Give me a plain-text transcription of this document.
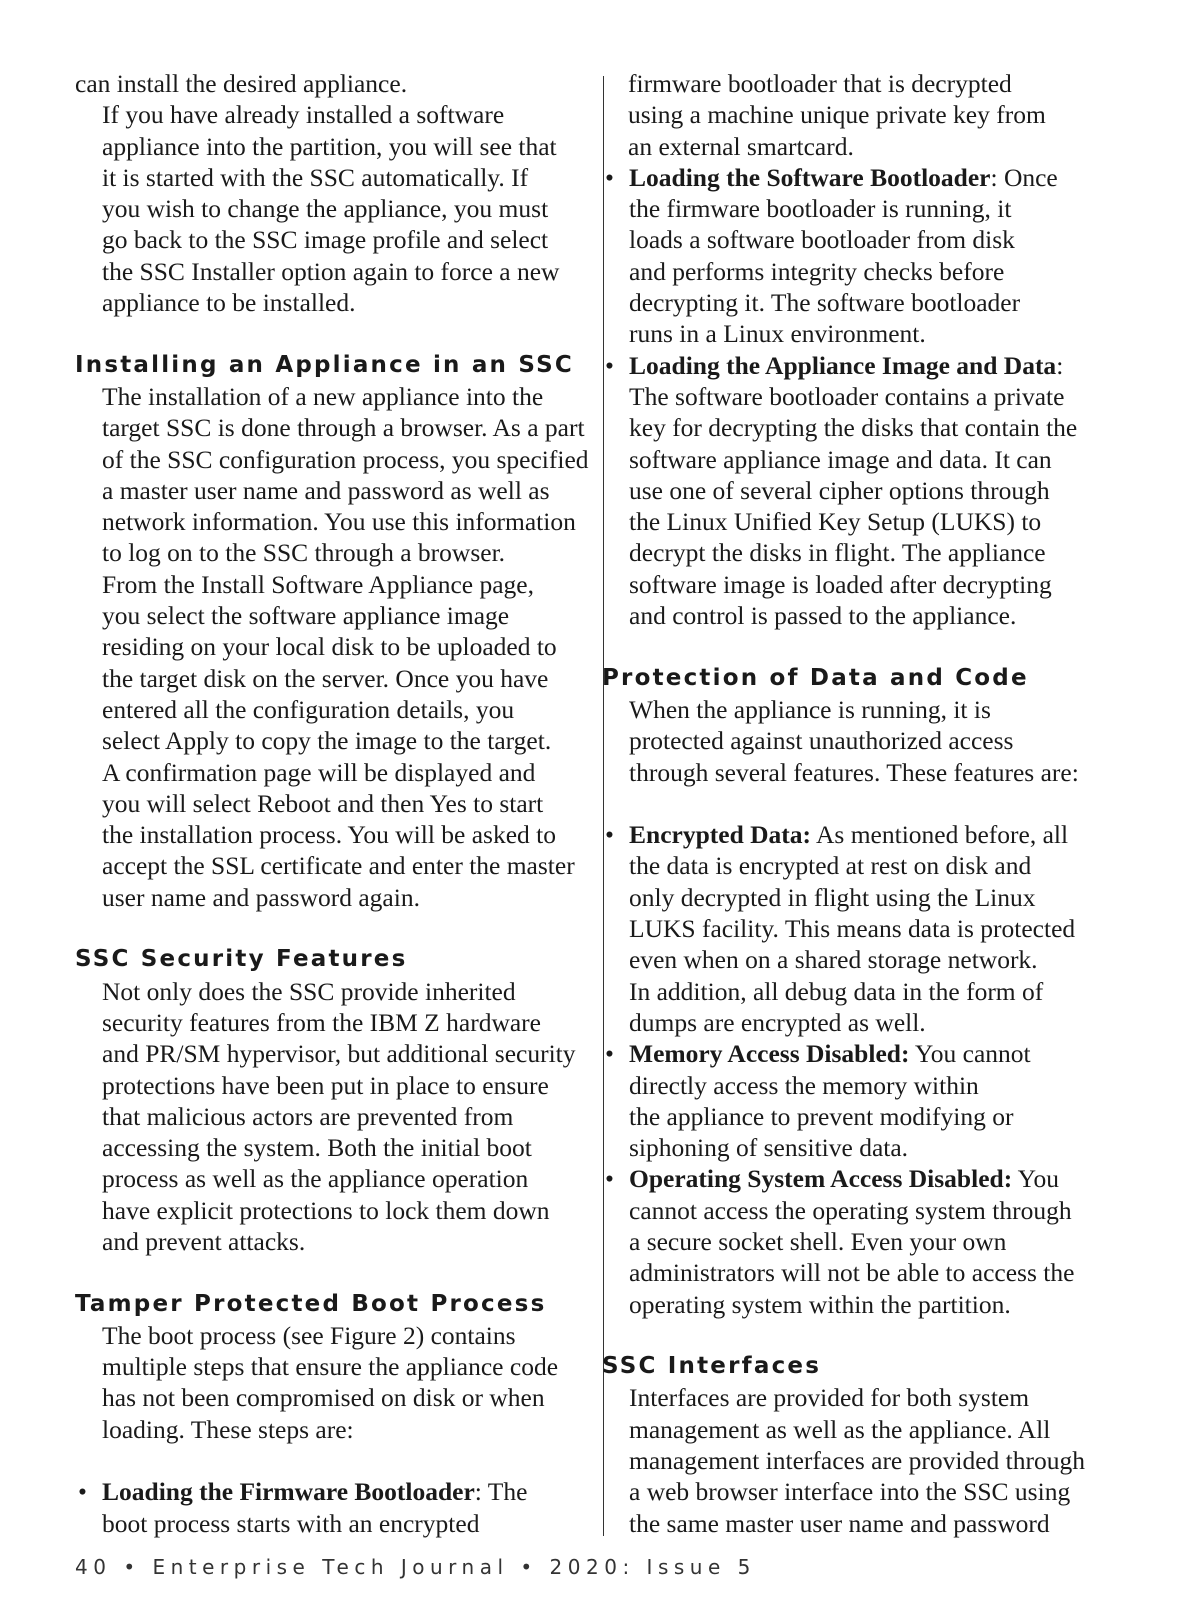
can install the desired appliance.

If you have already installed a software
appliance into the partition, you will see that
it is started with the SSC automatically. If
you wish to change the appliance, you must
go back to the SSC image profile and select
the SSC Installer option again to force a new
appliance to be installed.

Installing an Appliance in an SSC

The installation of a new appliance into the
target SSC is done through a browser. As a part
of the SSC configuration process, you specified
a master user name and password as well as
network information. You use this information
to log on to the SSC through a browser.

From the Install Software Appliance page,
you select the software appliance image
residing on your local disk to be uploaded to
the target disk on the server. Once you have
entered all the configuration details, you
select Apply to copy the image to the target.
A confirmation page will be displayed and
you will select Reboot and then Yes to start
the installation process. You will be asked to
accept the SSL certificate and enter the master
user name and password again.

SSC Security Features

Not only does the SSC provide inherited
security features from the IBM Z hardware
and PR/SM hypervisor, but additional security
protections have been put in place to ensure
that malicious actors are prevented from
accessing the system. Both the initial boot
process as well as the appliance operation
have explicit protections to lock them down
and prevent attacks.

Tamper Protected Boot Process

The boot process (see Figure 2) contains
multiple steps that ensure the appliance code
has not been compromised on disk or when
loading. These steps are:

• Loading the Firmware Bootloader: The
boot process starts with an encrypted

firmware bootloader that is decrypted
using a machine unique private key from
an external smartcard.

• Loading the Software Bootloader: Once
the firmware bootloader is running, it
loads a software bootloader from disk
and performs integrity checks before
decrypting it. The software bootloader
runs in a Linux environment.
• Loading the Appliance Image and Data:
The software bootloader contains a private
key for decrypting the disks that contain the
software appliance image and data. It can
use one of several cipher options through
the Linux Unified Key Setup (LUKS) to
decrypt the disks in flight. The appliance
software image is loaded after decrypting
and control is passed to the appliance.
Protection of Data and Code

When the appliance is running, it is
protected against unauthorized access
through several features. These features are:

• Encrypted Data: As mentioned before, all
the data is encrypted at rest on disk and
only decrypted in flight using the Linux
LUKS facility. This means data is protected
even when on a shared storage network.
In addition, all debug data in the form of
dumps are encrypted as well.
• Memory Access Disabled: You cannot
directly access the memory within
the appliance to prevent modifying or
siphoning of sensitive data.
• Operating System Access Disabled: You
cannot access the operating system through
a secure socket shell. Even your own
administrators will not be able to access the
operating system within the partition.
SSC Interfaces

Interfaces are provided for both system
management as well as the appliance. All
management interfaces are provided through
a web browser interface into the SSC using
the same master user name and password

40 • Enterprise Tech Journal • 2020: Issue 5
